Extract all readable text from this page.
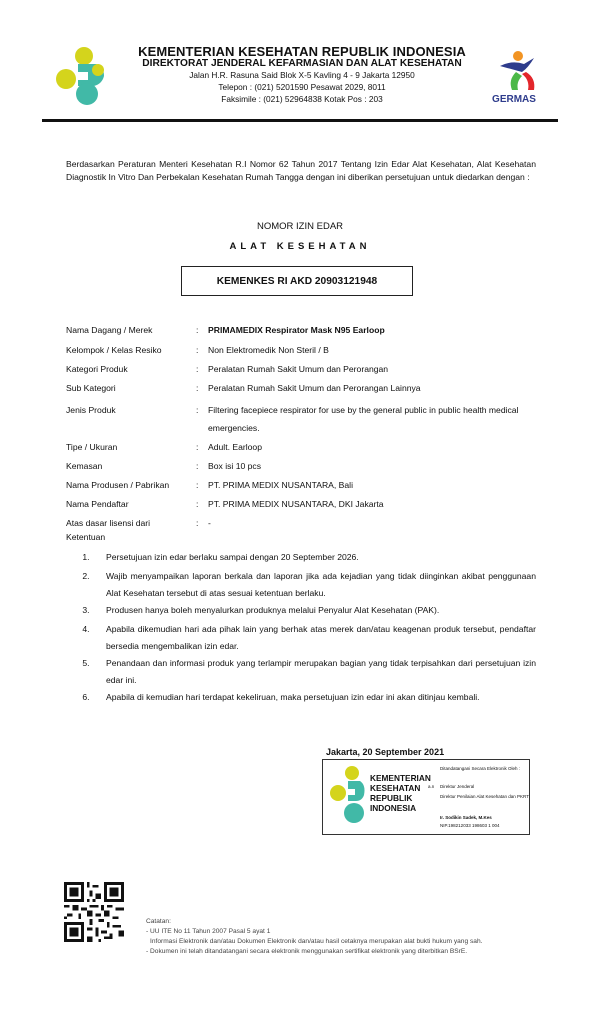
KEMENTERIAN KESEHATAN REPUBLIK INDONESIA
DIREKTORAT JENDERAL KEFARMASIAN DAN ALAT KESEHATAN
Jalan H.R. Rasuna Said Blok X-5 Kavling 4 - 9 Jakarta 12950
Telepon : (021) 5201590 Pesawat 2029, 8011
Faksimile : (021) 52964838 Kotak Pos : 203	GERMAS
Berdasarkan Peraturan Menteri Kesehatan R.I Nomor 62 Tahun 2017 Tentang Izin Edar Alat Kesehatan, Alat Kesehatan Diagnostik In Vitro Dan Perbekalan Kesehatan Rumah Tangga dengan ini diberikan persetujuan untuk diedarkan dengan :
NOMOR IZIN EDAR
ALAT KESEHATAN
KEMENKES RI AKD 20903121948
Nama Dagang / Merek	:	PRIMAMEDIX Respirator Mask N95 Earloop
Kelompok / Kelas Resiko	:	Non Elektromedik Non Steril / B
Kategori Produk	:	Peralatan Rumah Sakit Umum dan Perorangan
Sub Kategori	:	Peralatan Rumah Sakit Umum dan Perorangan Lainnya
Jenis Produk	:	Filtering facepiece respirator for use by the general public in public health medical emergencies.
Tipe / Ukuran	:	Adult. Earloop
Kemasan	:	Box isi 10 pcs
Nama Produsen / Pabrikan	:	PT. PRIMA MEDIX NUSANTARA, Bali
Nama Pendaftar	:	PT. PRIMA MEDIX NUSANTARA, DKI Jakarta
Atas dasar lisensi dari	:	-
Ketentuan
1.	Persetujuan izin edar berlaku sampai dengan 20 September 2026.
2.	Wajib menyampaikan laporan berkala dan laporan jika ada kejadian yang tidak diinginkan akibat penggunaan Alat Kesehatan tersebut di atas sesuai ketentuan berlaku.
3.	Produsen hanya boleh menyalurkan produknya melalui Penyalur Alat Kesehatan (PAK).
4.	Apabila dikemudian hari ada pihak lain yang berhak atas merek dan/atau keagenan produk tersebut, pendaftar bersedia mengembalikan izin edar.
5.	Penandaan dan informasi produk yang terlampir merupakan bagian yang tidak terpisahkan dari persetujuan izin edar ini.
6.	Apabila di kemudian hari terdapat kekeliruan, maka persetujuan izin edar ini akan ditinjau kembali.
Jakarta, 20 September 2021
KEMENTERIAN
KESEHATAN
REPUBLIK
INDONESIA
Ditandatangani Secara Elektronik Oleh :
a.n Direktur Jenderal
Direktur Penilaian Alat Kesehatan dan PKRT
Ir. Sodikin Sadek, M.Kes
NIP.198212033 198603 1 004
Catatan:
- UU ITE No 11 Tahun 2007 Pasal 5 ayat 1
Informasi Elektronik dan/atau Dokumen Elektronik dan/atau hasil cetaknya merupakan alat bukti hukum yang sah.
- Dokumen ini telah ditandatangani secara elektronik menggunakan sertifikat elektronik yang diterbitkan BSrE.
